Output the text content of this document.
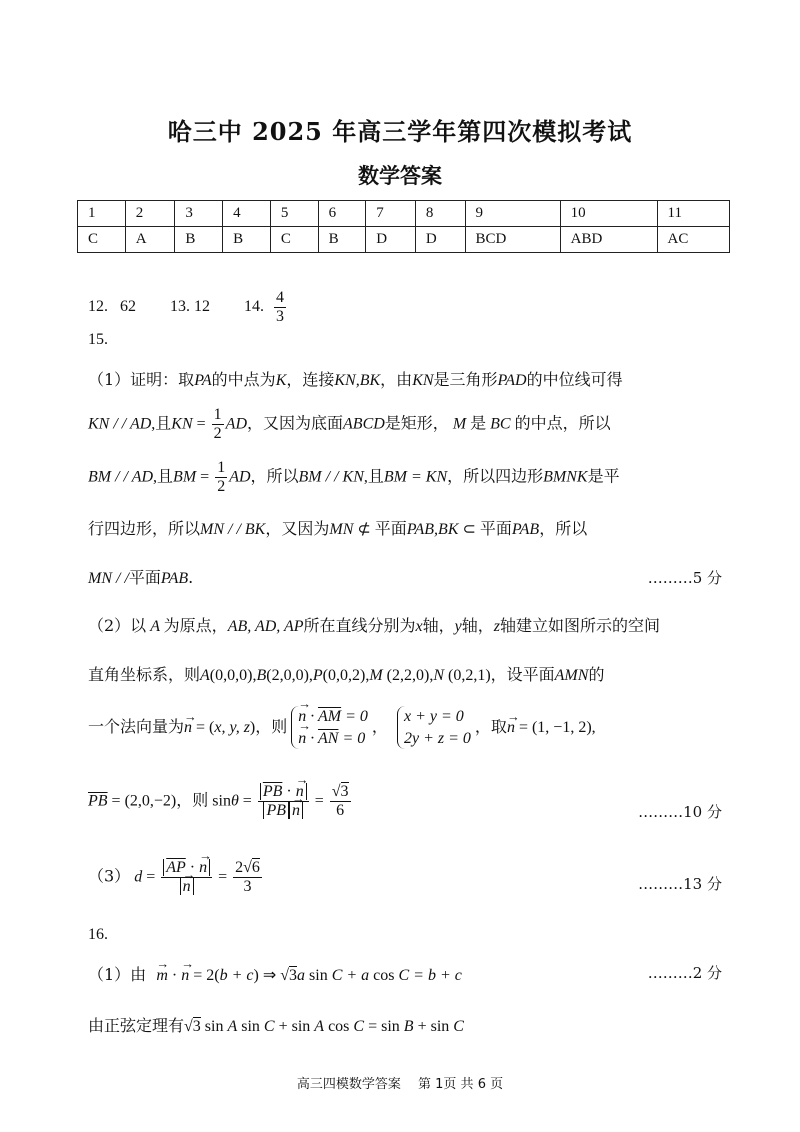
哈三中 2025 年高三学年第四次模拟考试
数学答案
1	2	3	4	5	6	7	8	9	10	11
C	A	B	B	C	B	D	D	BCD	ABD	AC
12. 62 13. 12 14. $\frac{4}{3}$
15.
（1）证明：取PA的中点为K，连接KN,BK，由KN是三角形PAD的中位线可得
KN / / AD,且KN = $\frac{1}{2}$ AD，又因为底面ABCD是矩形， M 是 BC 的中点，所以
BM / / AD,且BM = $\frac{1}{2}$ AD，所以BM / / KN,且BM = KN，所以四边形BMNK是平
行四边形，所以MN / / BK，又因为MN ⊄ 平面PAB,BK ⊂ 平面PAB，所以
MN / /平面PAB.	………5 分
（2）以 A 为原点，AB, AD, AP所在直线分别为x轴，y轴，z轴建立如图所示的空间
直角坐标系，则A(0,0,0),B(2,0,0),P(0,0,2),M (2,2,0),N (0,2,1)，设平面AMN的
一个法向量为→ n = (x, y, z)，则
→ $n \cdot \overline{AM} = 0$
→ $n \cdot \overline{AN} = 0$
，
x + y = 0
2y + z = 0
，取→ n = (1, −1, 2),
$\overline{PB} = (2,0,-2)$，则 $\sin\theta = \frac{\overline{PB} \cdot \to n}{\overline{PB} \to n} = \frac{√3}{6}$	………10 分
（3） $d = \overline{AP}$ · → n
→ $n = \frac{2√6}{3}$	………13 分
16.
（1）由 → m · → n = 2(b + c) ⇒ √3a sin C + a cos C = b + c	………2 分
由正弦定理有√3 sin A sin C + sin A cos C = sin B + sin C
高三四模数学答案　 第 1页 共 6 页
